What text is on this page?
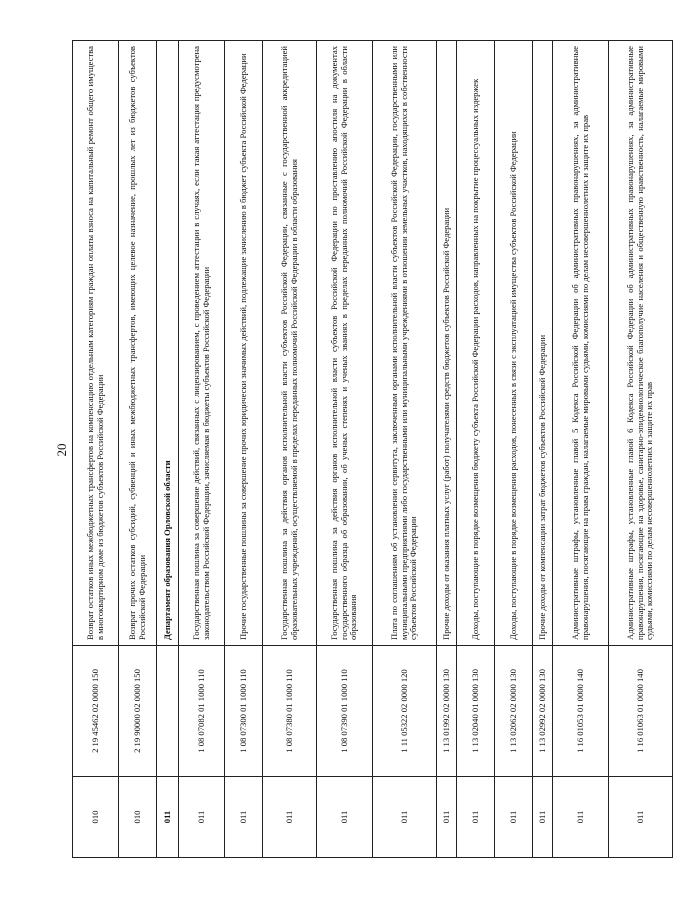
20
010	2 19 45462 02 0000 150	Возврат остатков иных межбюджетных трансфертов на компенсацию отдельным категориям граждан оплаты взноса на капитальный ремонт общего имущества в многоквартирном доме из бюджетов субъектов Российской Федерации
010	2 19 90000 02 0000 150	Возврат прочих остатков субсидий, субвенций и иных межбюджетных трансфертов, имеющих целевое назначение, прошлых лет из бюджетов субъектов Российской Федерации
011		Департамент образования Орловской области
011	1 08 07082 01 1000 110	Государственная пошлина за совершение действий, связанных с лицензированием, с проведением аттестации в случаях, если такая аттестация предусмотрена законодательством Российской Федерации, зачисляемая в бюджеты субъектов Российской Федерации
011	1 08 07300 01 1000 110	Прочие государственные пошлины за совершение прочих юридически значимых действий, подлежащие зачислению в бюджет субъекта Российской Федерации
011	1 08 07380 01 1000 110	Государственная пошлина за действия органов исполнительной власти субъектов Российской Федерации, связанные с государственной аккредитацией образовательных учреждений, осуществляемой в пределах переданных полномочий Российской Федерации в области образования
011	1 08 07390 01 1000 110	Государственная пошлина за действия органов исполнительной власти субъектов Российской Федерации по проставлению апостиля на документах государственного образца об образовании, об ученых степенях и ученых званиях в пределах переданных полномочий Российской Федерации в области образования
011	1 11 05322 02 0000 120	Плата по соглашениям об установлении сервитута, заключенным органами исполнительной власти субъектов Российской Федерации, государственными или муниципальными предприятиями либо государственными или муниципальными учреждениями в отношении земельных участков, находящихся в собственности субъектов Российской Федерации
011	1 13 01992 02 0000 130	Прочие доходы от оказания платных услуг (работ) получателями средств бюджетов субъектов Российской Федерации
011	1 13 02040 01 0000 130	Доходы, поступающие в порядке возмещения бюджету субъекта Российской Федерации расходов, направленных на покрытие процессуальных издержек
011	1 13 02062 02 0000 130	Доходы, поступающие в порядке возмещения расходов, понесенных в связи с эксплуатацией имущества субъектов Российской Федерации
011	1 13 02992 02 0000 130	Прочие доходы от компенсации затрат бюджетов субъектов Российской Федерации
011	1 16 01053 01 0000 140	Административные штрафы, установленные главой 5 Кодекса Российской Федерации об административных правонарушениях, за административные правонарушения, посягающие на права граждан, налагаемые мировыми судьями, комиссиями по делам несовершеннолетних и защите их прав
011	1 16 01063 01 0000 140	Административные штрафы, установленные главой 6 Кодекса Российской Федерации об административных правонарушениях, за административные правонарушения, посягающие на здоровье, санитарно-эпидемиологическое благополучие населения и общественную нравственность, налагаемые мировыми судьями, комиссиями по делам несовершеннолетних и защите их прав
